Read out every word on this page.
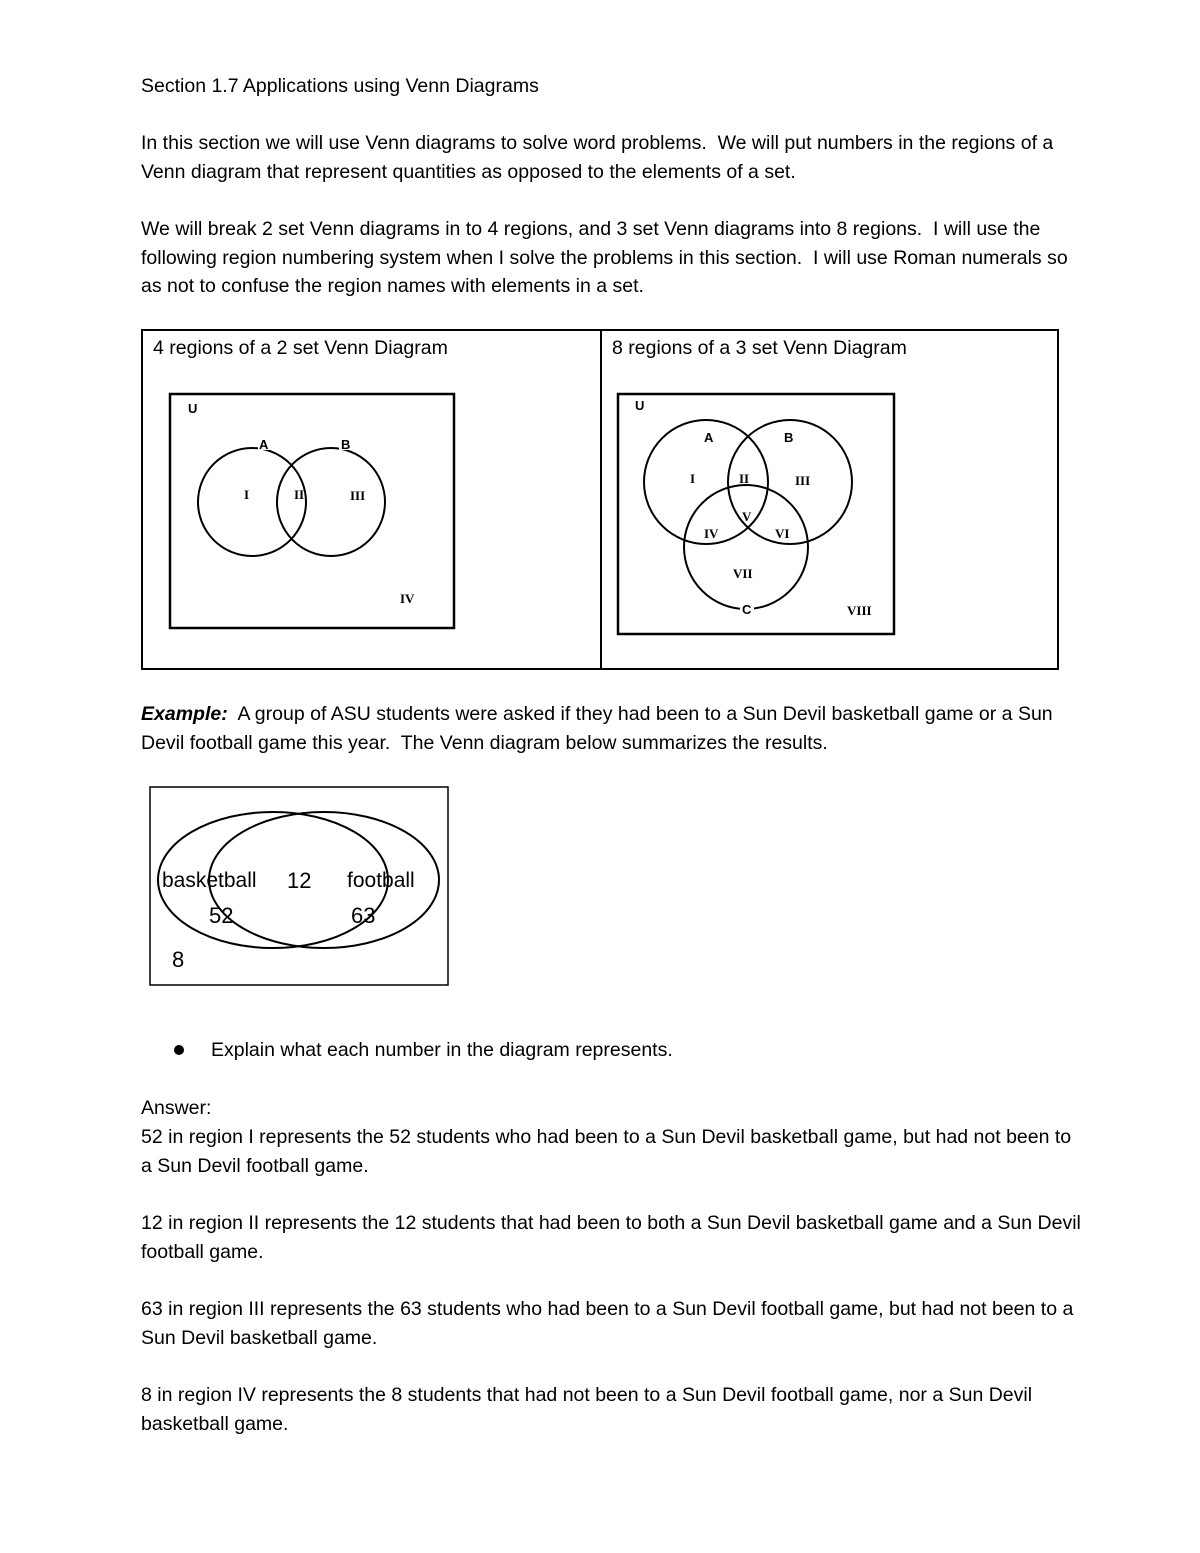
Section 1.7 Applications using Venn Diagrams
In this section we will use Venn diagrams to solve word problems.  We will put numbers in the regions of a Venn diagram that represent quantities as opposed to the elements of a set.
We will break 2 set Venn diagrams in to 4 regions, and 3 set Venn diagrams into 8 regions.  I will use the following region numbering system when I solve the problems in this section.  I will use Roman numerals so as not to confuse the region names with elements in a set.
4 regions of a 2 set Venn Diagram	8 regions of a 3 set Venn Diagram
U
A	B
I	II	III
IV
U
A	B
C
I	II	III
IV
V
VI
VII
VIII
Example:  A group of ASU students were asked if they had been to a Sun Devil basketball game or a Sun Devil football game this year.  The Venn diagram below summarizes the results.
basketball 12 football
52	63
8
Explain what each number in the diagram represents.
Answer:
52 in region I represents the 52 students who had been to a Sun Devil basketball game, but had not been to a Sun Devil football game.
12 in region II represents the 12 students that had been to both a Sun Devil basketball game and a Sun Devil football game.
63 in region III represents the 63 students who had been to a Sun Devil football game, but had not been to a Sun Devil basketball game.
8 in region IV represents the 8 students that had not been to a Sun Devil football game, nor a Sun Devil basketball game.
